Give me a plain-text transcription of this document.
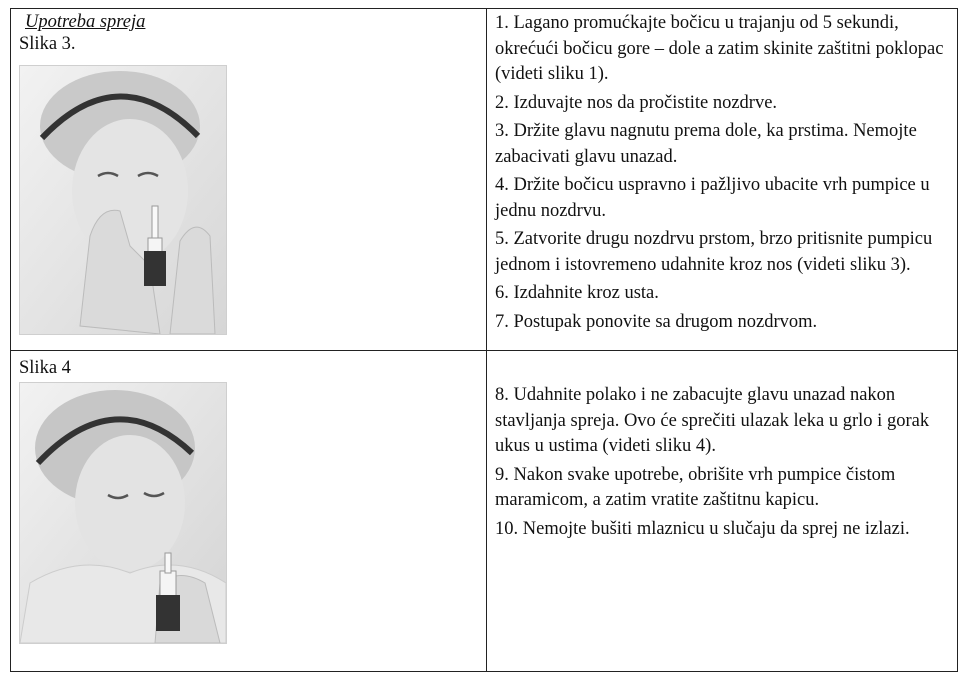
Upotreba spreja
Slika 3.

1. Lagano promućkajte bočicu u trajanju od 5 sekundi, okrećući bočicu gore – dole a zatim skinite zaštitni poklopac (videti sliku 1).

2. Izduvajte nos da pročistite nozdrve.

3. Držite glavu nagnutu prema dole, ka prstima. Nemojte zabacivati glavu unazad.

4. Držite bočicu uspravno i pažljivo ubacite vrh pumpice u jednu nozdrvu.

5. Zatvorite drugu nozdrvu prstom, brzo pritisnite pumpicu jednom i istovremeno udahnite kroz nos (videti sliku 3).

6. Izdahnite kroz usta.

7. Postupak ponovite sa drugom nozdrvom.

Slika 4

8. Udahnite polako i ne zabacujte glavu unazad nakon stavljanja spreja. Ovo će sprečiti ulazak leka u grlo i gorak ukus u ustima (videti sliku 4).

9. Nakon svake upotrebe, obrišite vrh pumpice čistom maramicom, a zatim vratite zaštitnu kapicu.

10. Nemojte bušiti mlaznicu u slučaju da sprej ne izlazi.
